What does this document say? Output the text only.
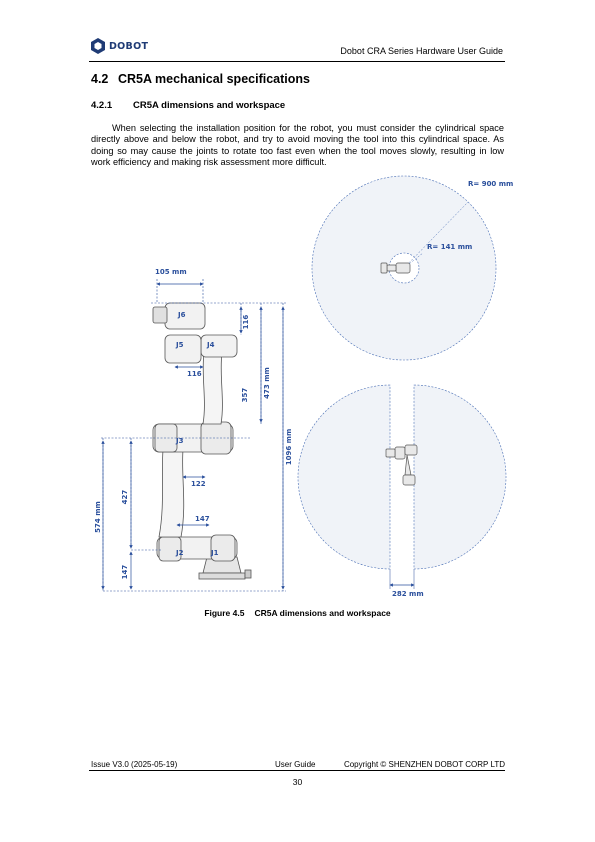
DOBOT	Dobot CRA Series Hardware User Guide
4.2 CR5A mechanical specifications
4.2.1 CR5A dimensions and workspace
When selecting the installation position for the robot, you must consider the cylindrical space directly above and below the robot, and try to avoid moving the tool into this cylindrical space. As doing so may cause the joints to rotate too fast even when the tool moves slowly, resulting in low work efficiency and making risk assessment more difficult.
105 mm
116
473 mm
357
1096 mm
116
122
147
427
574 mm
147
J6
J5	J4
J3
J2	J1
R= 900 mm
R= 141 mm
282 mm
Figure 4.5 CR5A dimensions and workspace
Issue V3.0 (2025-05-19)	User Guide	Copyright © SHENZHEN DOBOT CORP LTD
30
